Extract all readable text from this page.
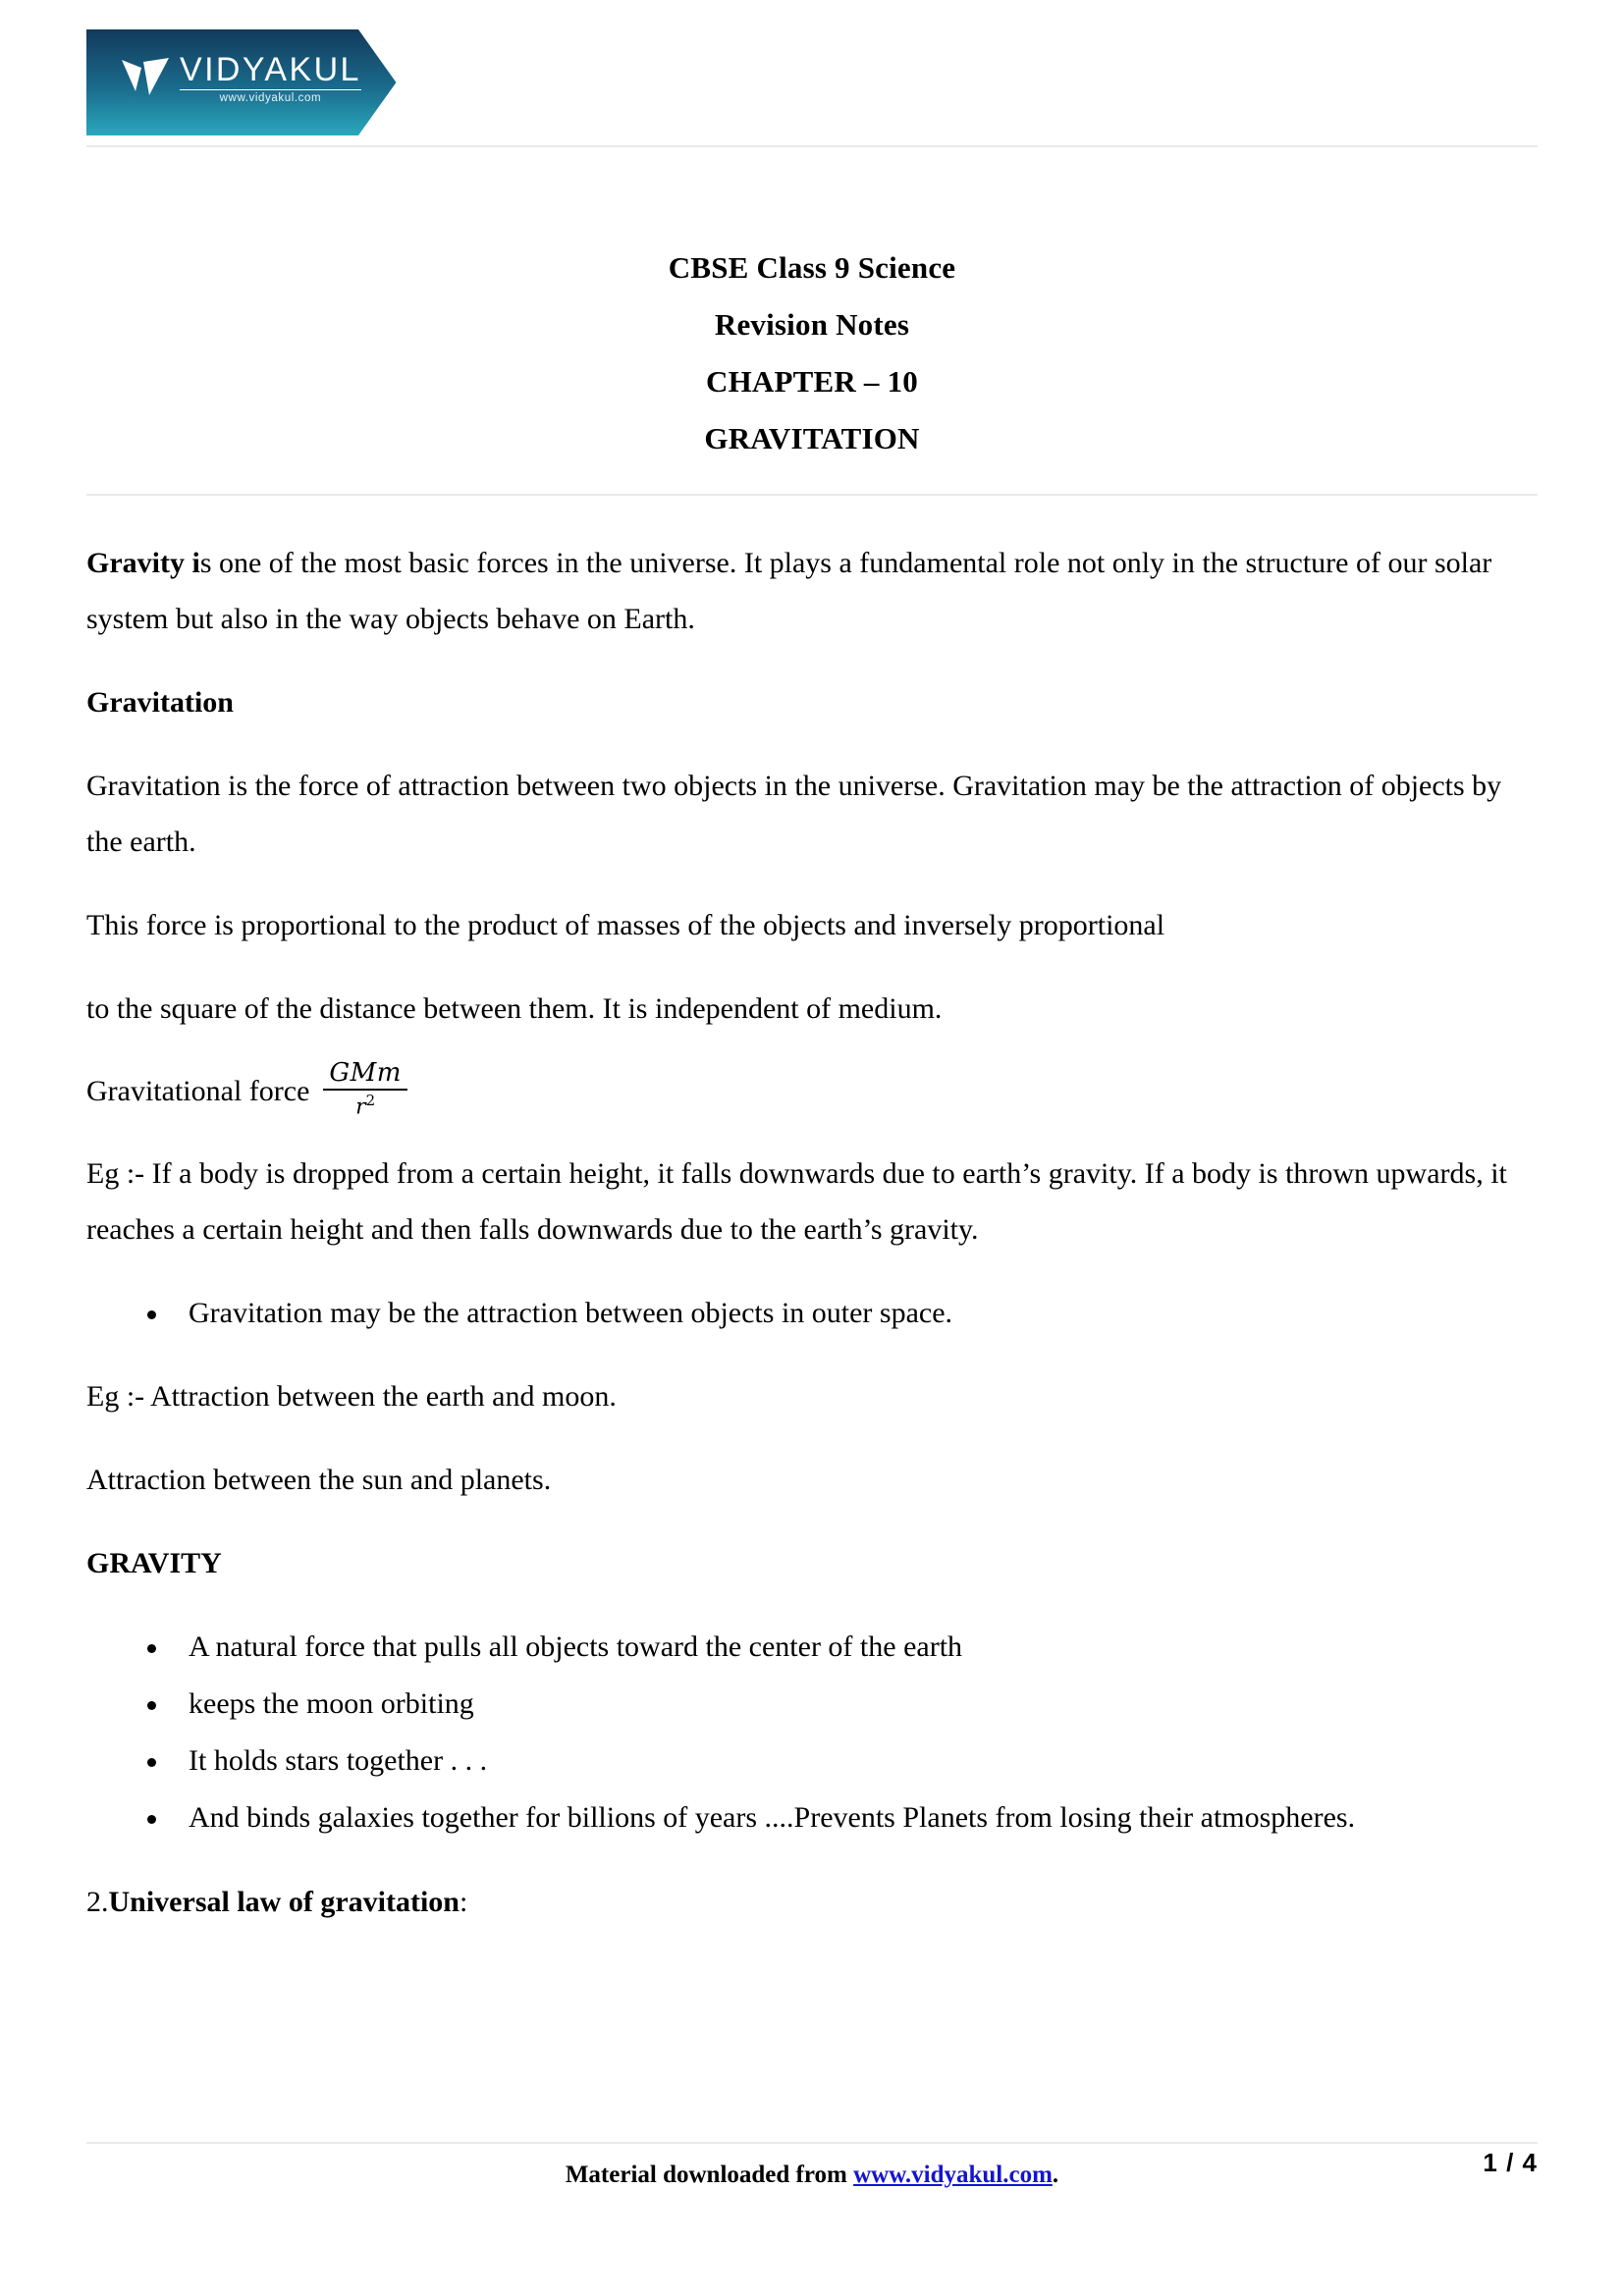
VIDYAKUL
www.vidyakul.com
CBSE Class 9 Science
Revision Notes
CHAPTER – 10
GRAVITATION

Gravity is one of the most basic forces in the universe. It plays a fundamental role not only in the structure of our solar system but also in the way objects behave on Earth.

Gravitation

Gravitation is the force of attraction between two objects in the universe. Gravitation may be the attraction of objects by the earth.

This force is proportional to the product of masses of the objects and inversely proportional

to the square of the distance between them. It is independent of medium.

Gravitational force $\frac{\text{GMm}}{r^2}$

Eg :- If a body is dropped from a certain height, it falls downwards due to earth’s gravity. If a body is thrown upwards, it reaches a certain height and then falls downwards due to the earth’s gravity.

Gravitation may be the attraction between objects in outer space.

Eg :- Attraction between the earth and moon.

Attraction between the sun and planets.

GRAVITY

A natural force that pulls all objects toward the center of the earth
keeps the moon orbiting
It holds stars together . . .
And binds galaxies together for billions of years ....Prevents Planets from losing their atmospheres.

2.Universal law of gravitation:

Material downloaded from www.vidyakul.com.	1 / 4
